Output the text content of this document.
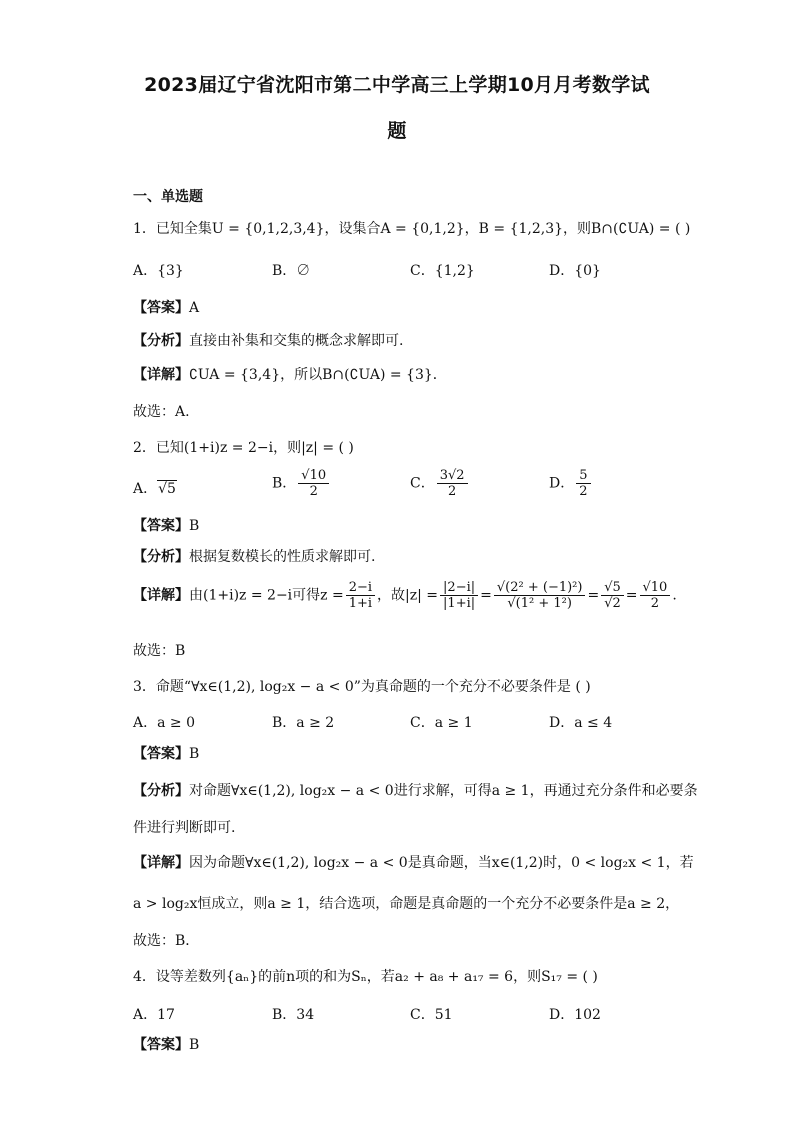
2023届辽宁省沈阳市第二中学高三上学期10月月考数学试
题
一、单选题
1．已知全集U = {0,1,2,3,4}，设集合A = {0,1,2}，B = {1,2,3}，则B∩(∁UA) = ( )
A．{3}	B．∅	C．{1,2}	D．{0}
【答案】A
【分析】直接由补集和交集的概念求解即可.
【详解】∁UA = {3,4}，所以B∩(∁UA) = {3}．
故选：A.
2．已知(1+i)z = 2−i，则|z| = ( )
A．√5	B． $\frac{√10}{2}$	C． $\frac{3√2}{2}$	D． $\frac{5}{2}$
【答案】B
【分析】根据复数模长的性质求解即可.
【详解】由(1+i)z = 2−i可得$z = \frac{2-i}{1+i}$ ，故$|z| = \frac{|2-i|}{|1+i|} = \frac{\text{√(2² + (−1)²)}}{\text{√(1² + 1²)}} = \frac{√5}{√2} = \frac{√10}{2}$ .
故选：B
3．命题“∀x∈(1,2), log₂x − a < 0”为真命题的一个充分不必要条件是 ( )
A．a ≥ 0	B．a ≥ 2	C．a ≥ 1	D．a ≤ 4
【答案】B
【分析】对命题∀x∈(1,2), log₂x − a < 0进行求解，可得a ≥ 1，再通过充分条件和必要条
件进行判断即可.
【详解】因为命题∀x∈(1,2), log₂x − a < 0是真命题，当x∈(1,2)时，0 < log₂x < 1，若
a > log₂x恒成立，则a ≥ 1，结合选项，命题是真命题的一个充分不必要条件是a ≥ 2，
故选：B．
4．设等差数列{aₙ}的前n项的和为Sₙ，若a₂ + a₈ + a₁₇ = 6，则S₁₇ = ( )
A．17	B．34	C．51	D．102
【答案】B
